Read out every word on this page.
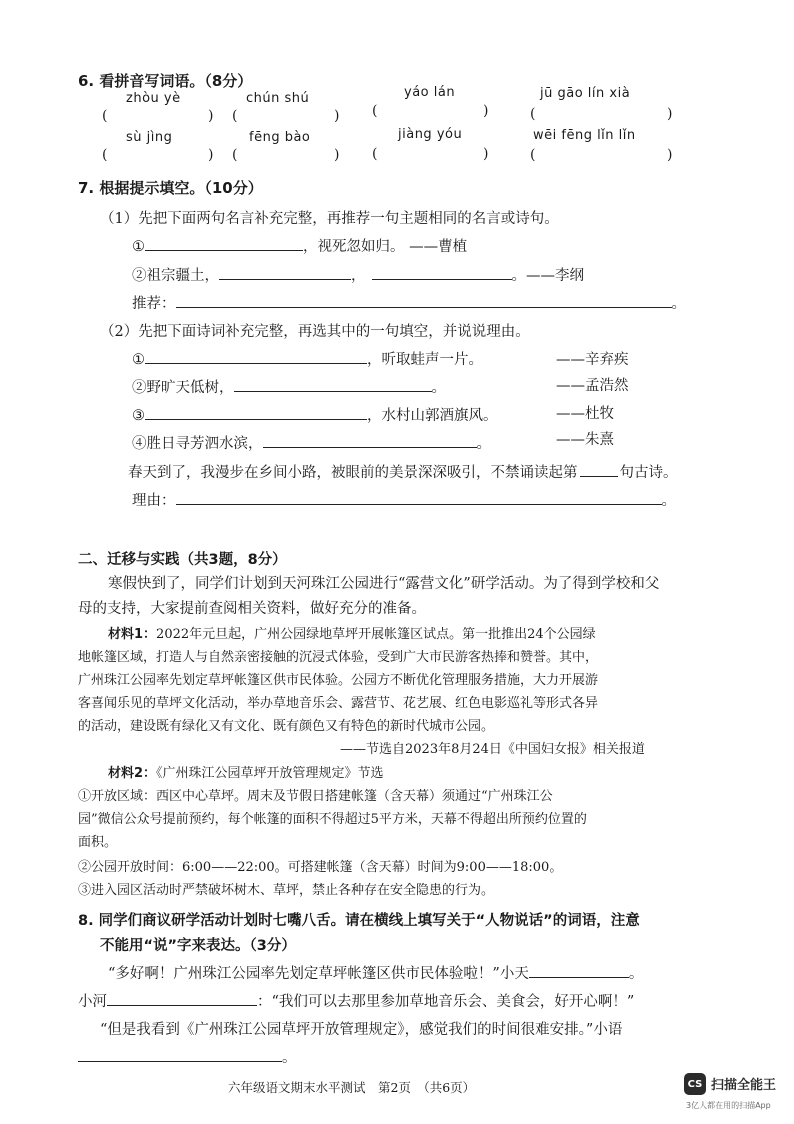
6. 看拼音写词语。（8分）
zhòu yè	chún shú	yáo lán	jū gāo lín xià
(	) (	) (	)	(	)
sù jìng	fēng bào	jiàng yóu	wēi fēng lǐn lǐn
(	) (	) (	)	(	)
7. 根据提示填空。（10分）
（1）先把下面两句名言补充完整，再推荐一句主题相同的名言或诗句。
①	，视死忽如归。 ——曹植
②祖宗疆土，	，	。——李纲
推荐：	。
（2）先把下面诗词补充完整，再选其中的一句填空，并说说理由。
①	，听取蛙声一片。	——辛弃疾
②野旷天低树，	。	——孟浩然
③	，水村山郭酒旗风。	——杜牧
④胜日寻芳泗水滨，	。	——朱熹
春天到了，我漫步在乡间小路，被眼前的美景深深吸引，不禁诵读起第	句古诗。
理由：	。
二、迁移与实践（共3题，8分）
寒假快到了，同学们计划到天河珠江公园进行“露营文化”研学活动。为了得到学校和父
母的支持，大家提前查阅相关资料，做好充分的准备。
材料1：2022年元旦起，广州公园绿地草坪开展帐篷区试点。第一批推出24个公园绿
地帐篷区域，打造人与自然亲密接触的沉浸式体验，受到广大市民游客热捧和赞誉。其中，
广州珠江公园率先划定草坪帐篷区供市民体验。公园方不断优化管理服务措施，大力开展游
客喜闻乐见的草坪文化活动，举办草地音乐会、露营节、花艺展、红色电影巡礼等形式各异
的活动，建设既有绿化又有文化、既有颜色又有特色的新时代城市公园。
——节选自2023年8月24日《中国妇女报》相关报道
材料2：《广州珠江公园草坪开放管理规定》节选
①开放区域：西区中心草坪。周末及节假日搭建帐篷（含天幕）须通过“广州珠江公
园”微信公众号提前预约，每个帐篷的面积不得超过5平方米，天幕不得超出所预约位置的
面积。
②公园开放时间：6:00——22:00。可搭建帐篷（含天幕）时间为9:00——18:00。
③进入园区活动时严禁破坏树木、草坪，禁止各种存在安全隐患的行为。
8. 同学们商议研学活动计划时七嘴八舌。请在横线上填写关于“人物说话”的词语，注意
不能用“说”字来表达。（3分）
“多好啊！广州珠江公园率先划定草坪帐篷区供市民体验啦！”小天	。
小河	：“我们可以去那里参加草地音乐会、美食会，好开心啊！”
“但是我看到《广州珠江公园草坪开放管理规定》，感觉我们的时间很难安排。”小语
。
六年级语文期末水平测试　第2页　（共6页）	CS 扫描全能王
3亿人都在用的扫描App
